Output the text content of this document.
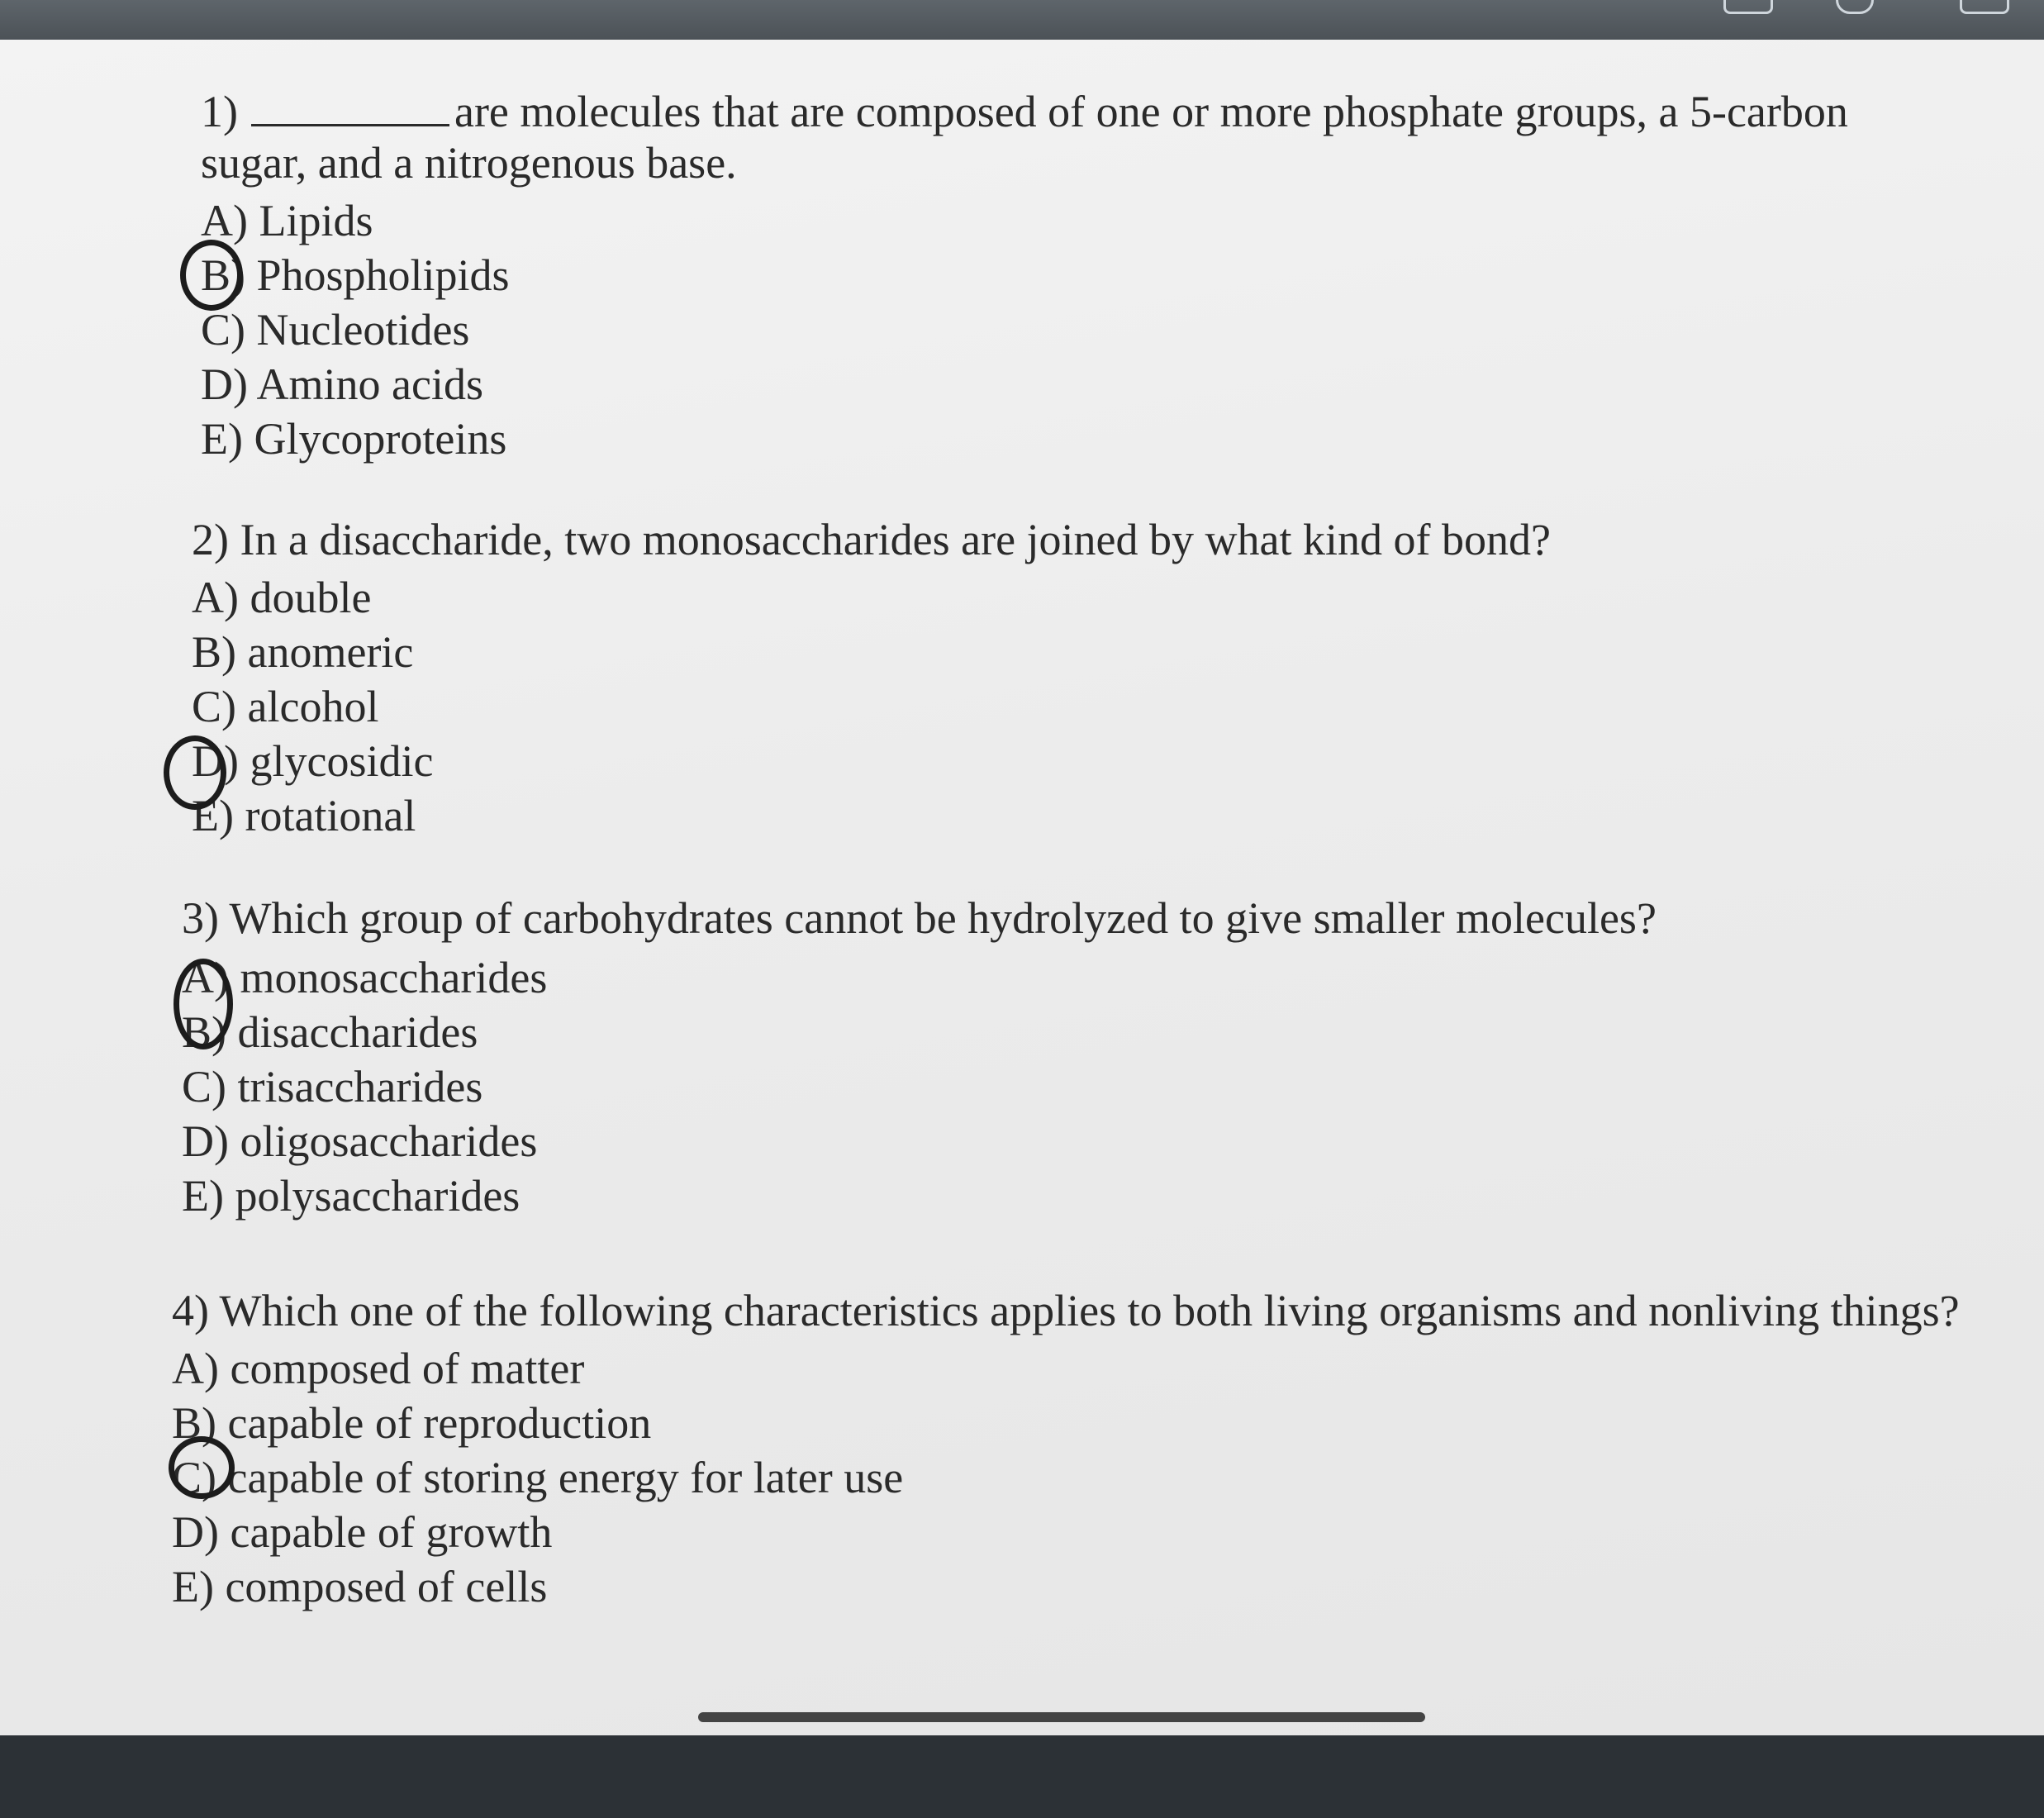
1)	are molecules that are composed of one or more phosphate groups, a 5-carbon sugar, and a nitrogenous base.

A) Lipids

B) Phospholipids

C) Nucleotides

D) Amino acids

E) Glycoproteins

2) In a disaccharide, two monosaccharides are joined by what kind of bond?

A) double

B) anomeric

C) alcohol

D) glycosidic

E) rotational

3) Which group of carbohydrates cannot be hydrolyzed to give smaller molecules?

A) monosaccharides

B) disaccharides

C) trisaccharides

D) oligosaccharides

E) polysaccharides

4) Which one of the following characteristics applies to both living organisms and nonliving things?

A) composed of matter

B) capable of reproduction

C) capable of storing energy for later use

D) capable of growth

E) composed of cells
